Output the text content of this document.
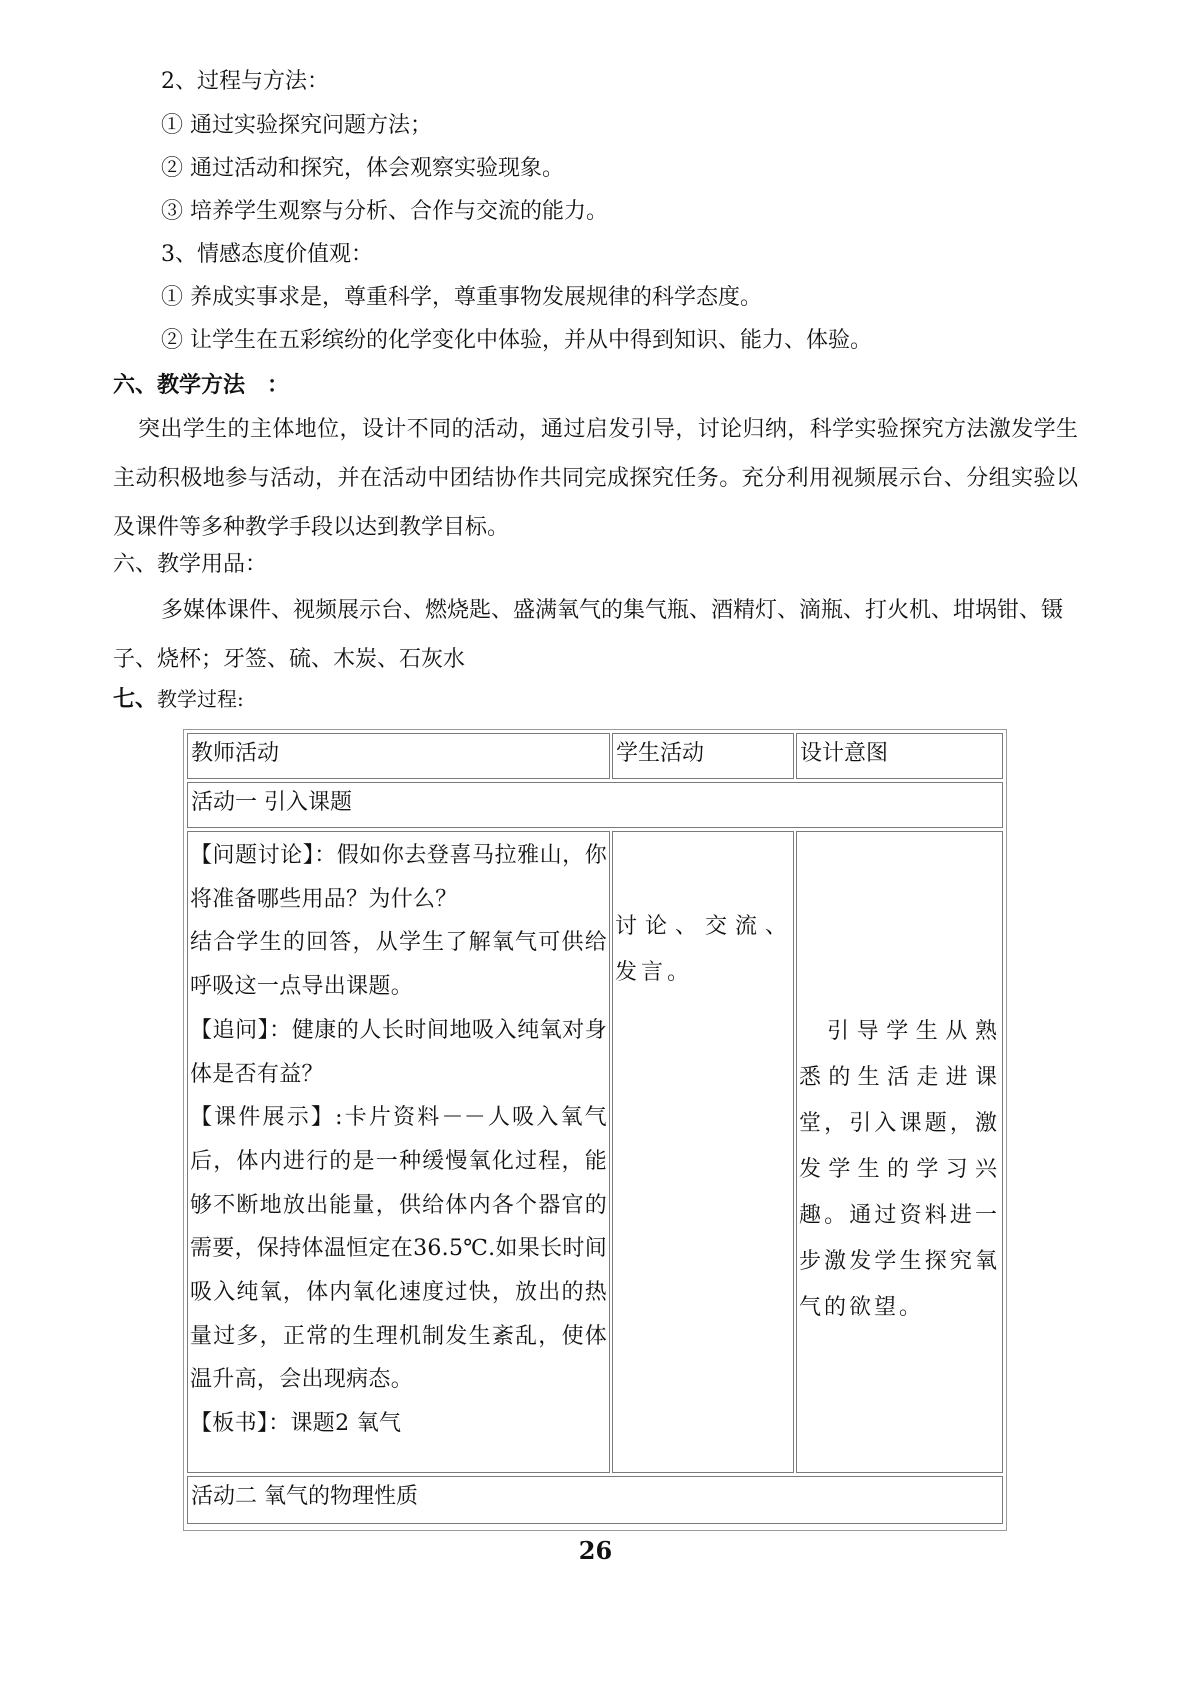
2、过程与方法：
① 通过实验探究问题方法；
② 通过活动和探究，体会观察实验现象。
③ 培养学生观察与分析、合作与交流的能力。
3、情感态度价值观：
① 养成实事求是，尊重科学，尊重事物发展规律的科学态度。
② 让学生在五彩缤纷的化学变化中体验，并从中得到知识、能力、体验。
六、教学方法　：
突出学生的主体地位，设计不同的活动，通过启发引导，讨论归纳，科学实验探究方法激发学生主动积极地参与活动，并在活动中团结协作共同完成探究任务。充分利用视频展示台、分组实验以及课件等多种教学手段以达到教学目标。
六、教学用品：
多媒体课件、视频展示台、燃烧匙、盛满氧气的集气瓶、酒精灯、滴瓶、打火机、坩埚钳、镊子、烧杯；牙签、硫、木炭、石灰水
七、教学过程:
教师活动	学生活动	设计意图
活动一 引入课题
【问题讨论】：假如你去登喜马拉雅山，你将准备哪些用品？为什么？
结合学生的回答，从学生了解氧气可供给呼吸这一点导出课题。
【追问】：健康的人长时间地吸入纯氧对身体是否有益？
【课件展示】:卡片资料－－人吸入氧气后，体内进行的是一种缓慢氧化过程，能够不断地放出能量，供给体内各个器官的需要，保持体温恒定在36.5℃.如果长时间吸入纯氧，体内氧化速度过快，放出的热量过多，正常的生理机制发生紊乱，使体温升高，会出现病态。
【板书】：课题2 氧气
讨论、交流、发言。
引导学生从熟悉的生活走进课堂，引入课题，激发学生的学习兴趣。通过资料进一步激发学生探究氧气的欲望。
活动二 氧气的物理性质
26
